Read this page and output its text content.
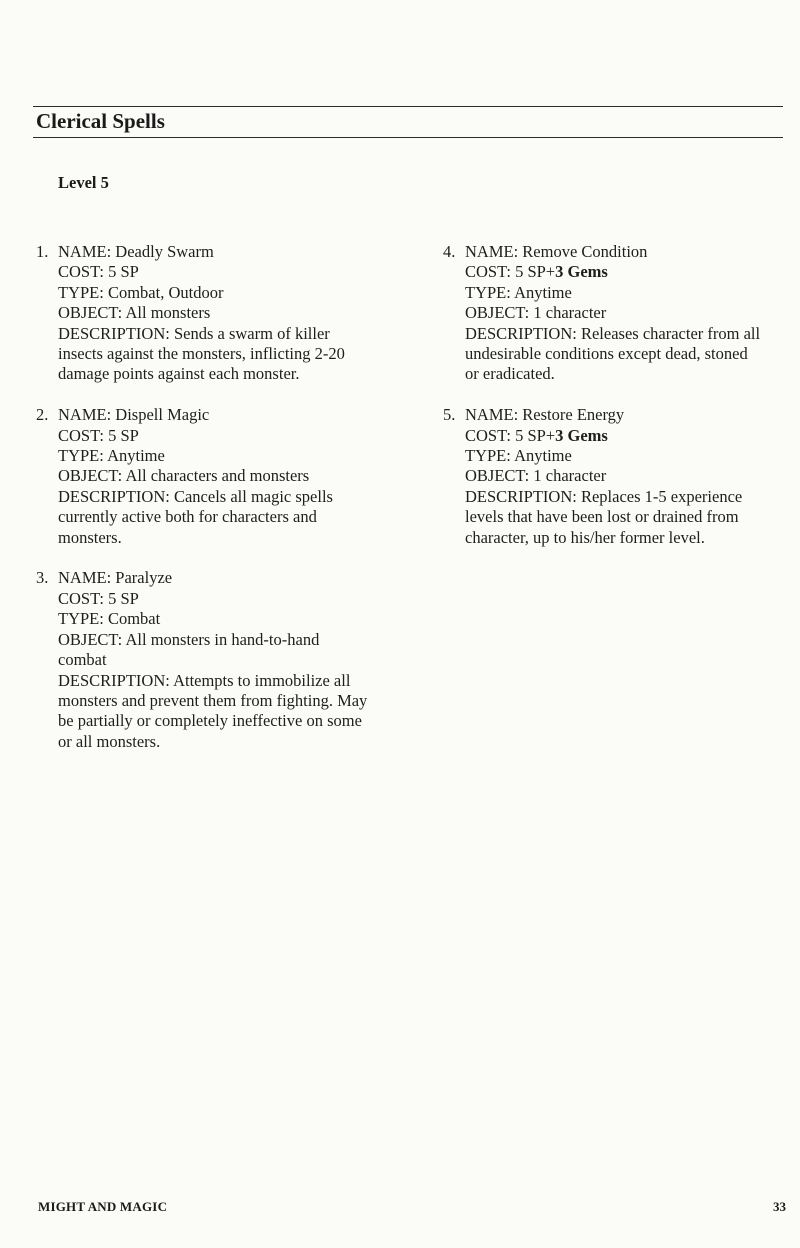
Clerical Spells
Level 5
1. NAME: Deadly Swarm
COST: 5 SP
TYPE: Combat, Outdoor
OBJECT: All monsters
DESCRIPTION: Sends a swarm of killer insects against the monsters, inflicting 2-20 damage points against each monster.
2. NAME: Dispell Magic
COST: 5 SP
TYPE: Anytime
OBJECT: All characters and monsters
DESCRIPTION: Cancels all magic spells currently active both for characters and monsters.
3. NAME: Paralyze
COST: 5 SP
TYPE: Combat
OBJECT: All monsters in hand-to-hand combat
DESCRIPTION: Attempts to immobilize all monsters and prevent them from fighting. May be partially or completely ineffective on some or all monsters.
4. NAME: Remove Condition
COST: 5 SP+3 Gems
TYPE: Anytime
OBJECT: 1 character
DESCRIPTION: Releases character from all undesirable conditions except dead, stoned or eradicated.
5. NAME: Restore Energy
COST: 5 SP+3 Gems
TYPE: Anytime
OBJECT: 1 character
DESCRIPTION: Replaces 1-5 experience levels that have been lost or drained from character, up to his/her former level.
MIGHT AND MAGIC	33
